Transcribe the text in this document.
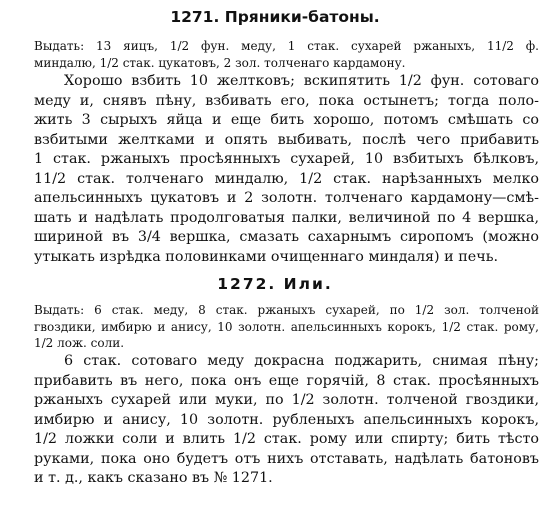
1271. Пряники-батоны.
Выдать: 13 яицъ, 1/2 фун. меду, 1 стак. сухарей ржаныхъ, 11/2 ф.
миндалю, 1/2 стак. цукатовъ, 2 зол. толченаго кардамону.
Хорошо взбить 10 желтковъ; вскипятить 1/2 фун. сотоваго
меду и, снявъ пѣну, взбивать его, пока остынетъ; тогда поло-
жить 3 сырыхъ яйца и еще бить хорошо, потомъ смѣшать со
взбитыми желтками и опять выбивать, послѣ чего прибавить
1 стак. ржаныхъ просѣянныхъ сухарей, 10 взбитыхъ бѣлковъ,
11/2 стак. толченаго миндалю, 1/2 стак. нарѣзанныхъ мелко
апельсинныхъ цукатовъ и 2 золотн. толченаго кардамону—смѣ-
шать и надѣлать продолговатыя палки, величиной по 4 вершка,
шириной въ 3/4 вершка, смазать сахарнымъ сиропомъ (можно
утыкать изрѣдка половинками очищеннаго миндаля) и печь.
1272. Или.
Выдать: 6 стак. меду, 8 стак. ржаныхъ сухарей, по 1/2 зол. толченой
гвоздики, имбирю и анису, 10 золотн. апельсинныхъ корокъ, 1/2 стак. рому,
1/2 лож. соли.
6 стак. сотоваго меду докрасна поджарить, снимая пѣну;
прибавить въ него, пока онъ еще горячій, 8 стак. просѣянныхъ
ржаныхъ сухарей или муки, по 1/2 золотн. толченой гвоздики,
имбирю и анису, 10 золотн. рубленыхъ апельсинныхъ корокъ,
1/2 ложки соли и влить 1/2 стак. рому или спирту; бить тѣсто
руками, пока оно будетъ отъ нихъ отставать, надѣлать батоновъ
и т. д., какъ сказано въ № 1271.
